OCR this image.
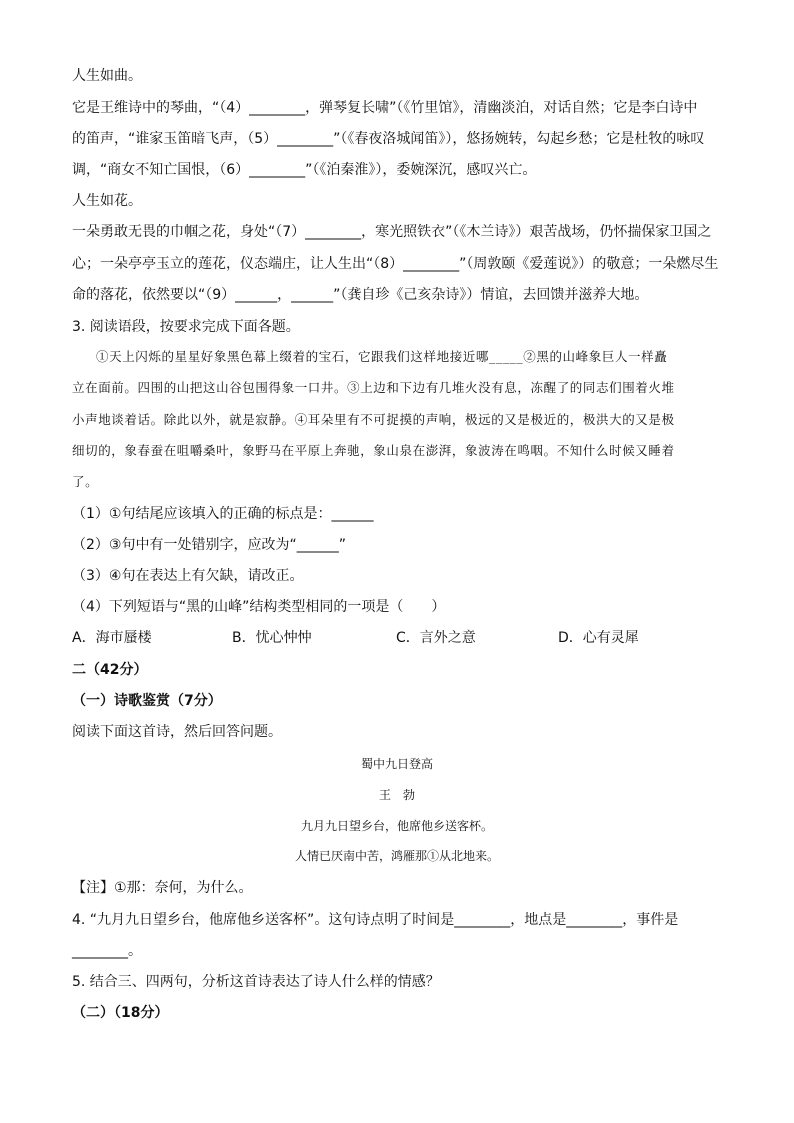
人生如曲。
它是王维诗中的琴曲，“（4）________，弹琴复长啸”（《竹里馆》，清幽淡泊，对话自然；它是李白诗中
的笛声，“谁家玉笛暗飞声，（5）________”（《春夜洛城闻笛》），悠扬婉转，勾起乡愁；它是杜牧的咏叹
调，“商女不知亡国恨，（6）________”（《泊秦淮》），委婉深沉，感叹兴亡。
人生如花。
一朵勇敢无畏的巾帼之花，身处“（7）________，寒光照铁衣”（《木兰诗》）艰苦战场，仍怀揣保家卫国之
心；一朵亭亭玉立的莲花，仪态端庄，让人生出“（8）________”（周敦颐《爱莲说》）的敬意；一朵燃尽生
命的落花，依然要以“（9）______，______”（龚自珍《己亥杂诗》）情谊，去回馈并滋养大地。
3. 阅读语段，按要求完成下面各题。
①天上闪烁的星星好象黑色幕上缀着的宝石，它跟我们这样地接近哪_____②黑的山峰象巨人一样矗
立在面前。四围的山把这山谷包围得象一口井。③上边和下边有几堆火没有息，冻醒了的同志们围着火堆
小声地谈着话。除此以外，就是寂静。④耳朵里有不可捉摸的声响，极远的又是极近的，极洪大的又是极
细切的，象春蚕在咀嚼桑叶，象野马在平原上奔驰，象山泉在澎湃，象波涛在鸣咽。不知什么时候又睡着
了。
（1）①句结尾应该填入的正确的标点是：______
（2）③句中有一处错别字，应改为“______”
（3）④句在表达上有欠缺，请改正。
（4）下列短语与“黑的山峰”结构类型相同的一项是（　　）
A．海市蜃楼	B．忧心忡忡	C．言外之意	D．心有灵犀
二（42分）
（一）诗歌鉴赏（7分）
阅读下面这首诗，然后回答问题。
蜀中九日登高
王　勃
九月九日望乡台，他席他乡送客杯。
人情已厌南中苦，鸿雁那①从北地来。
【注】①那：奈何，为什么。
4. “九月九日望乡台，他席他乡送客杯”。这句诗点明了时间是________，地点是________，事件是
________。
5. 结合三、四两句，分析这首诗表达了诗人什么样的情感？
（二）（18分）
